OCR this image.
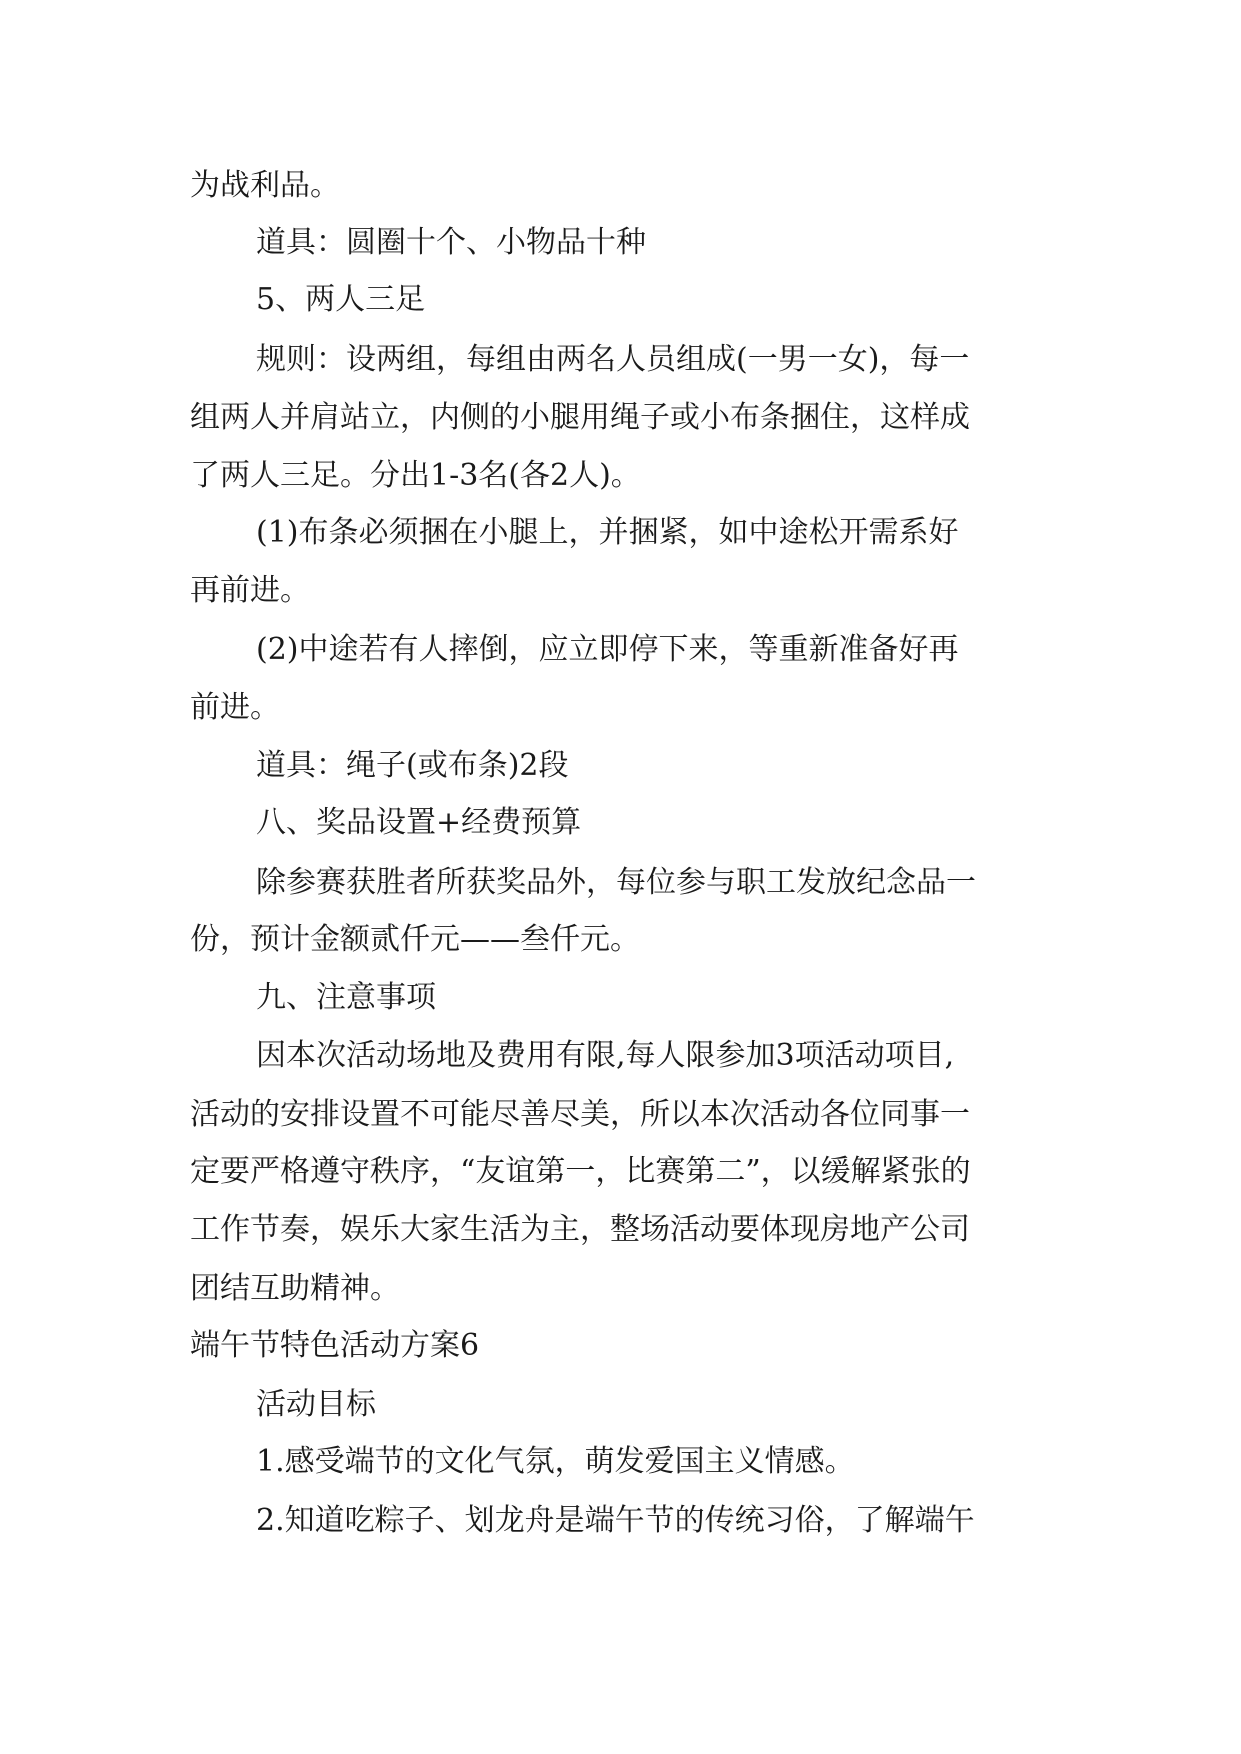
为战利品。
道具：圆圈十个、小物品十种
5、两人三足
规则：设两组，每组由两名人员组成(一男一女)，每一
组两人并肩站立，内侧的小腿用绳子或小布条捆住，这样成
了两人三足。分出1-3名(各2人)。
(1)布条必须捆在小腿上，并捆紧，如中途松开需系好
再前进。
(2)中途若有人摔倒，应立即停下来，等重新准备好再
前进。
道具：绳子(或布条)2段
八、奖品设置+经费预算
除参赛获胜者所获奖品外，每位参与职工发放纪念品一
份，预计金额贰仟元——叁仟元。
九、注意事项
因本次活动场地及费用有限,每人限参加3项活动项目,
活动的安排设置不可能尽善尽美，所以本次活动各位同事一
定要严格遵守秩序，“友谊第一，比赛第二”，以缓解紧张的
工作节奏，娱乐大家生活为主，整场活动要体现房地产公司
团结互助精神。
端午节特色活动方案6
活动目标
1.感受端节的文化气氛，萌发爱国主义情感。
2.知道吃粽子、划龙舟是端午节的传统习俗，了解端午
